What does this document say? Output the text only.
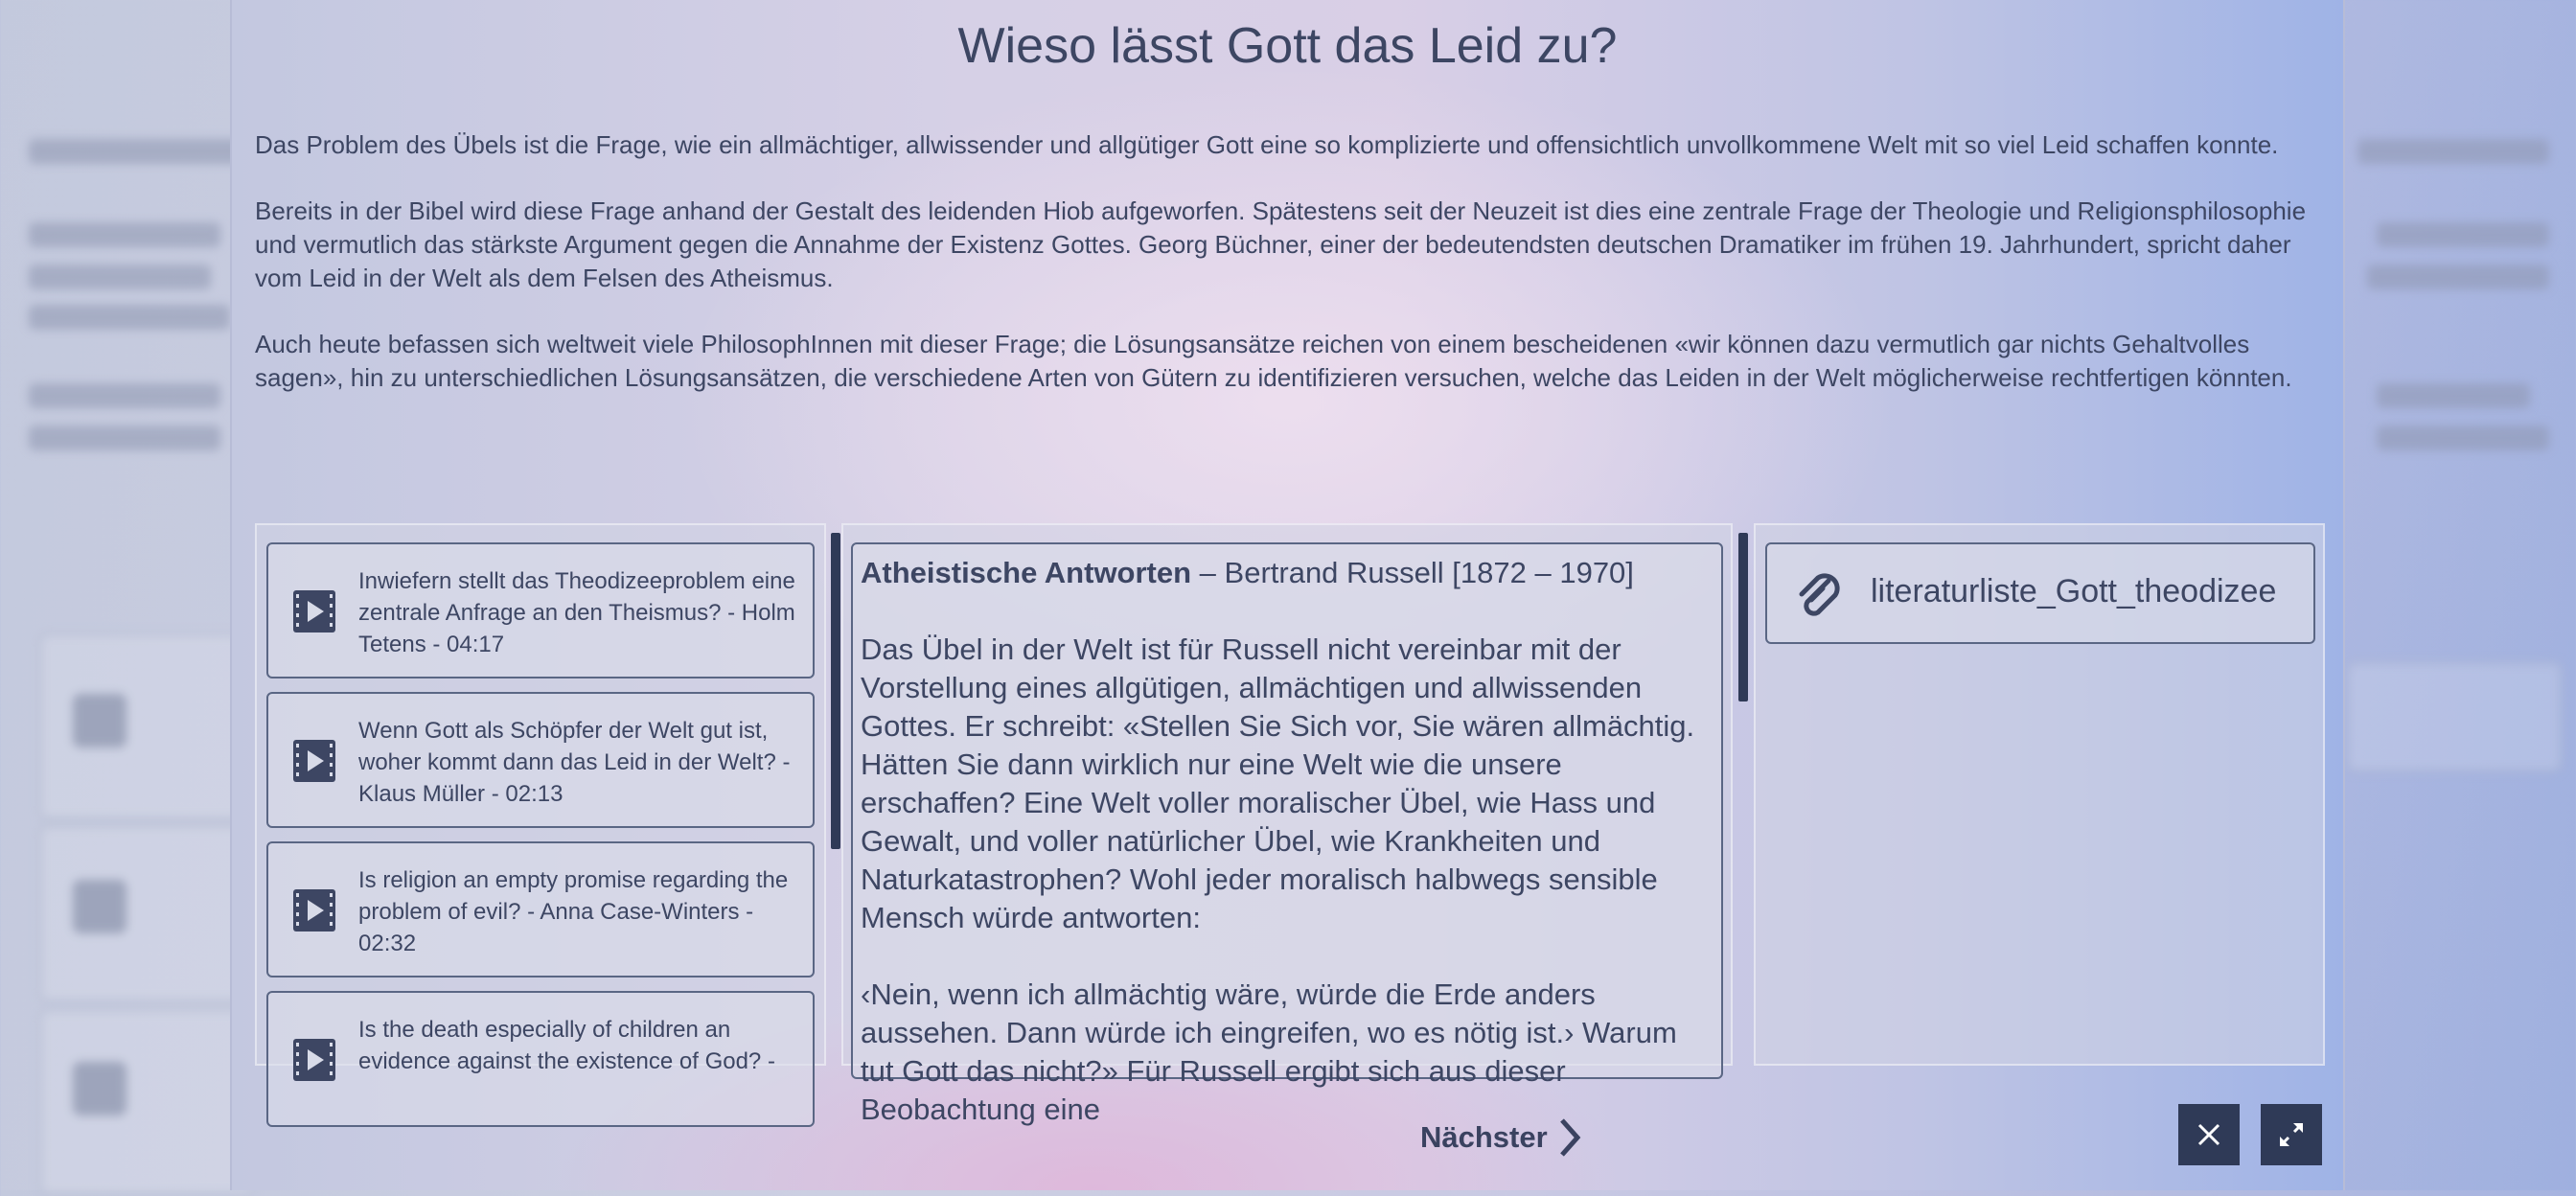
Wieso lässt Gott das Leid zu?

Das Problem des Übels ist die Frage, wie ein allmächtiger, allwissender und allgütiger Gott eine so komplizierte und offensichtlich unvollkommene Welt mit so viel Leid schaffen konnte.

Bereits in der Bibel wird diese Frage anhand der Gestalt des leidenden Hiob aufgeworfen. Spätestens seit der Neuzeit ist dies eine zentrale Frage der Theologie und Religionsphilosophie und vermutlich das stärkste Argument gegen die Annahme der Existenz Gottes. Georg Büchner, einer der bedeutendsten deutschen Dramatiker im frühen 19. Jahrhundert, spricht daher vom Leid in der Welt als dem Felsen des Atheismus.

Auch heute befassen sich weltweit viele PhilosophInnen mit dieser Frage; die Lösungsansätze reichen von einem bescheidenen «wir können dazu vermutlich gar nichts Gehaltvolles sagen», hin zu unterschiedlichen Lösungsansätzen, die verschiedene Arten von Gütern zu identifizieren versuchen, welche das Leiden in der Welt möglicherweise rechtfertigen könnten.

Inwiefern stellt das Theodizeeproblem eine zentrale Anfrage an den Theismus? - Holm Tetens - 04:17
Wenn Gott als Schöpfer der Welt gut ist, woher kommt dann das Leid in der Welt? - Klaus Müller - 02:13
Is religion an empty promise regarding the problem of evil? - Anna Case-Winters - 02:32
Is the death especially of children an evidence against the existence of God? -

Atheistische Antworten – Bertrand Russell [1872 – 1970]

Das Übel in der Welt ist für Russell nicht vereinbar mit der Vorstellung eines allgütigen, allmächtigen und allwissenden Gottes. Er schreibt: «Stellen Sie Sich vor, Sie wären allmächtig. Hätten Sie dann wirklich nur eine Welt wie die unsere erschaffen? Eine Welt voller moralischer Übel, wie Hass und Gewalt, und voller natürlicher Übel, wie Krankheiten und Naturkatastrophen? Wohl jeder moralisch halbwegs sensible Mensch würde antworten:

‹Nein, wenn ich allmächtig wäre, würde die Erde anders aussehen. Dann würde ich eingreifen, wo es nötig ist.› Warum tut Gott das nicht?» Für Russell ergibt sich aus dieser Beobachtung eine

literaturliste_Gott_theodizee
Nächster
